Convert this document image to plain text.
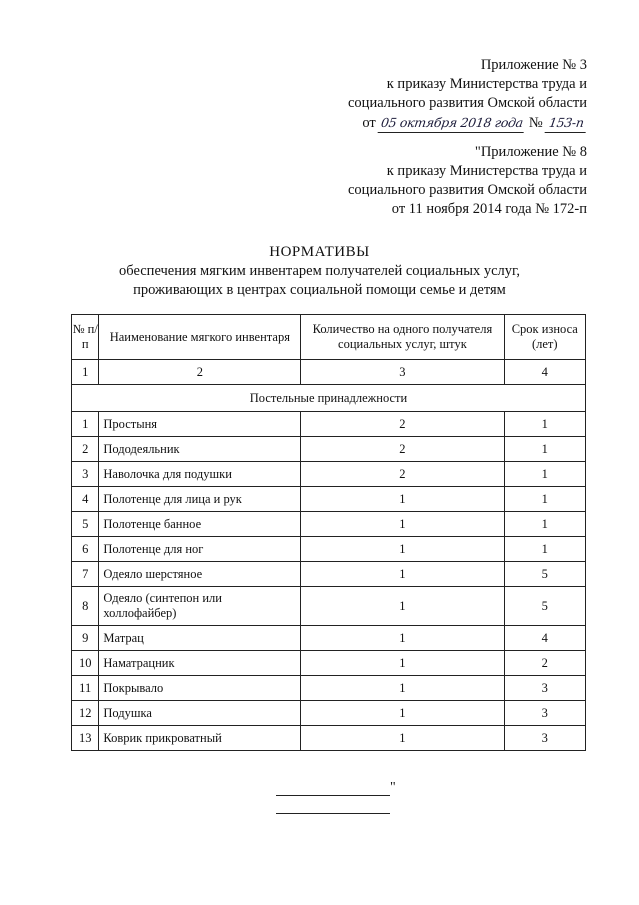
Приложение № 3
к приказу Министерства труда и
социального развития Омской области
от 05 октября 2018 года № 153-п
"Приложение № 8
к приказу Министерства труда и
социального развития Омской области
от 11 ноября 2014 года № 172-п
НОРМАТИВЫ
обеспечения мягким инвентарем получателей социальных услуг,
проживающих в центрах социальной помощи семье и детям
№ п/п	Наименование мягкого инвентаря	Количество на одного получателя социальных услуг, штук	Срок износа (лет)
1	2	3	4
Постельные принадлежности			
1	Простыня	2	1
2	Пододеяльник	2	1
3	Наволочка для подушки	2	1
4	Полотенце для лица и рук	1	1
5	Полотенце банное	1	1
6	Полотенце для ног	1	1
7	Одеяло шерстяное	1	5
8	Одеяло (синтепон или холлофайбер)	1	5
9	Матрац	1	4
10	Наматрацник	1	2
11	Покрывало	1	3
12	Подушка	1	3
13	Коврик прикроватный	1	3
"
